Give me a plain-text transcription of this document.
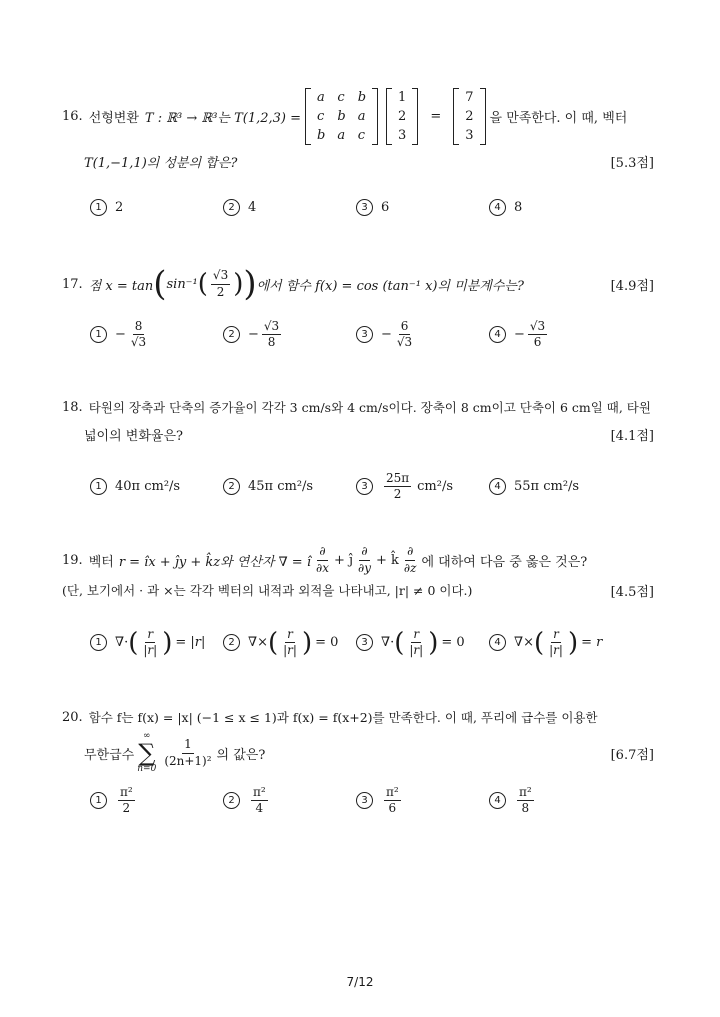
16. 선형변환 T : ℝ³ → ℝ³는 T(1,2,3) =
a c b
c b a
b a c
1
2
3
=
7
2
3
을 만족한다. 이 때, 벡터
T(1,−1,1)의 성분의 합은?	[5.3점]
1	2	2	4	3	6	4	8
17. 점 x = tan ( sin⁻¹ ( $\frac{√3}{2}$ ) ) 에서 함수 f(x) = cos (tan⁻¹ x)의 미분계수는?	[4.9점]
1	− $\frac{8}{√3}$	2	− $\frac{√3}{8}$	3	− $\frac{6}{√3}$	4	− $\frac{√3}{6}$
18. 타원의 장축과 단축의 증가율이 각각 3 cm/s와 4 cm/s이다. 장축이 8 cm이고 단축이 6 cm일 때, 타원
넓이의 변화율은?	[4.1점]
1	40π cm²/s	2	45π cm²/s	3	$\frac{25\pi}{2} cm^2/s$	4	55π cm²/s
19. 벡터 r = îx + ĵy + k̂z와 연산자 ∇ = î $\frac{\partial}{\partial x}$ + ĵ $\frac{\partial}{\partial y}$ + k̂ $\frac{\partial}{\partial z}$ 에 대하여 다음 중 옳은 것은?
(단, 보기에서 · 과 ×는 각각 벡터의 내적과 외적을 나타내고, |r| ≠ 0 이다.)	[4.5점]
1	∇· ( $\frac{r}{|r|}$ ) = |r|	2	∇× ( $\frac{r}{|r|}$ ) = 0	3	∇· ( $\frac{r}{|r|}$ ) = 0	4	∇× ( $\frac{r}{|r|}$ ) = r
20. 함수 f는 f(x) = |x| (−1 ≤ x ≤ 1)과 f(x) = f(x+2)를 만족한다. 이 때, 푸리에 급수를 이용한
무한급수
∞
∑
n=0
$\frac{1}{\text{(2n+1)²}}$ 의 값은?	[6.7점]
1	$\frac{\text{π²}}{2}$	2	$\frac{\text{π²}}{4}$	3	$\frac{\text{π²}}{6}$	4	$\frac{\text{π²}}{8}$
7/12
